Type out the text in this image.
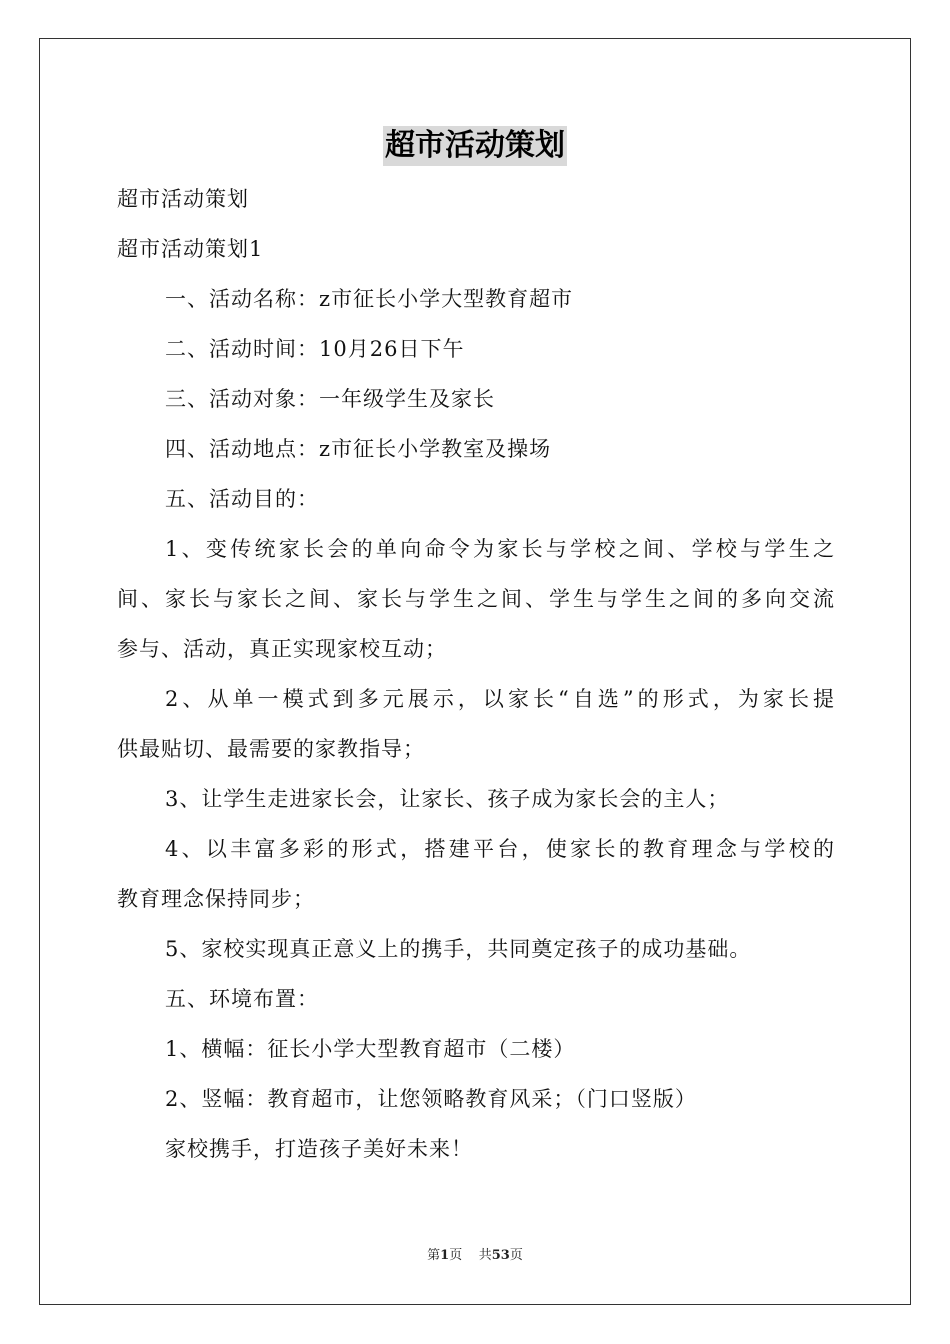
超市活动策划
超市活动策划
超市活动策划1
一、活动名称：z市征长小学大型教育超市
二、活动时间：10月26日下午
三、活动对象：一年级学生及家长
四、活动地点：z市征长小学教室及操场
五、活动目的：
1、变传统家长会的单向命令为家长与学校之间、学校与学生之
间、家长与家长之间、家长与学生之间、学生与学生之间的多向交流
参与、活动，真正实现家校互动；
2、从单一模式到多元展示，以家长“自选”的形式，为家长提
供最贴切、最需要的家教指导；
3、让学生走进家长会，让家长、孩子成为家长会的主人；
4、以丰富多彩的形式，搭建平台，使家长的教育理念与学校的
教育理念保持同步；
5、家校实现真正意义上的携手，共同奠定孩子的成功基础。
五、环境布置：
1、横幅：征长小学大型教育超市（二楼）
2、竖幅：教育超市，让您领略教育风采；（门口竖版）
家校携手，打造孩子美好未来！
第1页 共53页
